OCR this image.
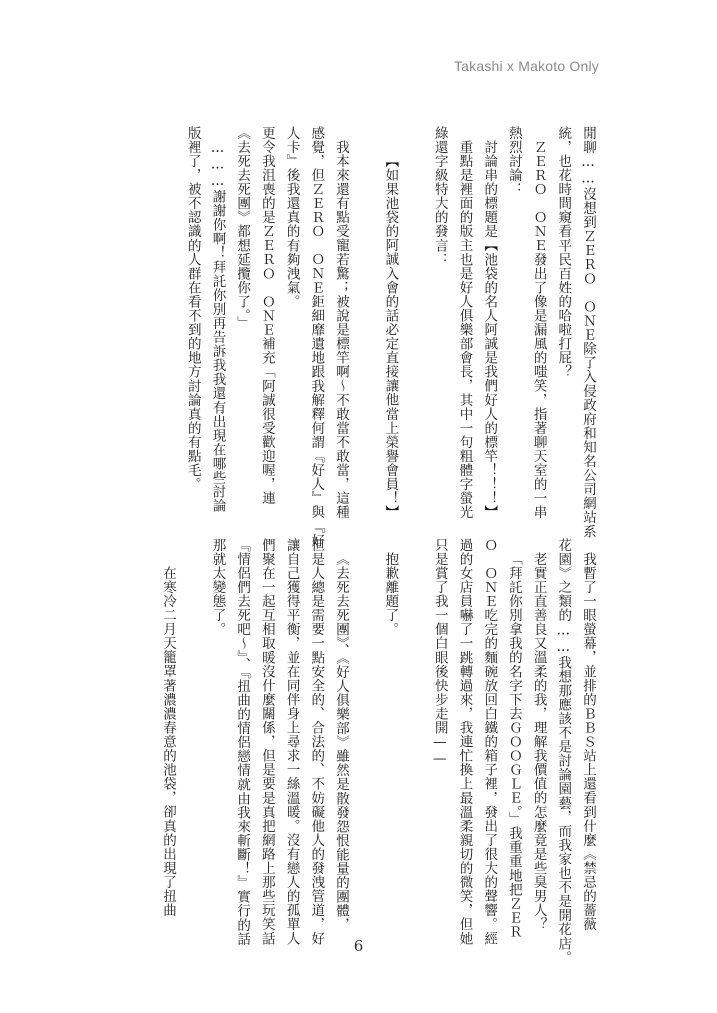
Takashi x Makoto Only
閒聊……沒想到ＺＥＲＯ　ＯＮＥ除了入侵政府和知名公司網站系
統，也花時間窺看平民百姓的哈啦打屁？
ＺＥＲＯ　ＯＮＥ發出了像是漏風的嗤笑，指著聊天室的一串
熱烈討論：
討論串的標題是【池袋的名人阿誠是我們好人的標竿！！！】
重點是裡面的版主也是好人俱樂部會長，其中一句粗體字螢光
綠還字級特大的發言：

【如果池袋的阿誠入會的話必定直接讓他當上榮譽會員！】

我本來還有點受寵若驚；被說是標竿啊～不敢當不敢當，這種
感覺，但ＺＥＲＯ　ＯＮＥ鉅細靡遺地跟我解釋何謂『好人』與『好
人卡』後我還真的有夠洩氣。
更令我沮喪的是ＺＥＲＯ　ＯＮＥ補充「阿誠很受歡迎喔，連
《去死去死團》都想延攬你了。」
………謝謝你啊！拜託你別再告訴我我還有出現在哪些討論
版裡了，被不認識的人群在看不到的地方討論真的有點毛。
我暫了一眼螢幕，並排的ＢＢＳ站上還看到什麼《禁忌的薔薇
花園》之類的……我想那應該不是討論園藝，而我家也不是開花店。
老實正直善良又溫柔的我，理解我價值的怎麼竟是些臭男人？
「拜託你別拿我的名字下去ＧＯＯＧＬＥ。」我重重地把ＺＥＲ
Ｏ　ＯＮＥ吃完的麵碗放回白鐵的箱子裡，發出了很大的聲響。經
過的女店員嚇了一跳轉過來，我連忙換上最溫柔親切的微笑，但她
只是賞了我一個白眼後快步走開——

抱歉離題了。

《去死去死團》、《好人俱樂部》雖然是散發怨恨能量的團體，
但是人總是需要一點安全的、合法的、不妨礙他人的發洩管道，好
讓自己獲得平衡，並在同伴身上尋求一絲溫暖。沒有戀人的孤單人
們聚在一起互相取暖沒什麼關係，但是要是真把網路上那些玩笑話
『情侶們去死吧～』、『扭曲的情侶戀情就由我來斬斷！』實行的話
那就太變態了。

在寒冷二月天籠罩著濃濃春意的池袋，卻真的出現了扭曲
6
